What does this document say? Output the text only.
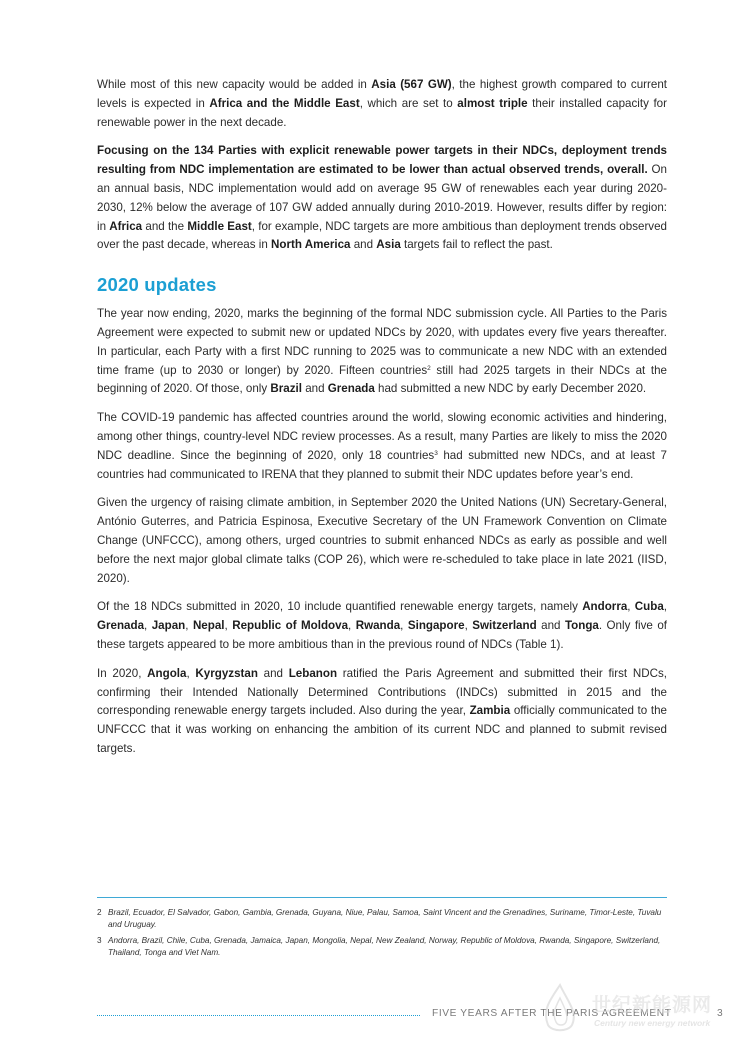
While most of this new capacity would be added in Asia (567 GW), the highest growth compared to current levels is expected in Africa and the Middle East, which are set to almost triple their installed capacity for renewable power in the next decade.

Focusing on the 134 Parties with explicit renewable power targets in their NDCs, deployment trends resulting from NDC implementation are estimated to be lower than actual observed trends, overall. On an annual basis, NDC implementation would add on average 95 GW of renewables each year during 2020-2030, 12% below the average of 107 GW added annually during 2010-2019. However, results differ by region: in Africa and the Middle East, for example, NDC targets are more ambitious than deployment trends observed over the past decade, whereas in North America and Asia targets fail to reflect the past.

2020 updates

The year now ending, 2020, marks the beginning of the formal NDC submission cycle. All Parties to the Paris Agreement were expected to submit new or updated NDCs by 2020, with updates every five years thereafter. In particular, each Party with a first NDC running to 2025 was to communicate a new NDC with an extended time frame (up to 2030 or longer) by 2020. Fifteen countries$^2$ still had 2025 targets in their NDCs at the beginning of 2020. Of those, only Brazil and Grenada had submitted a new NDC by early December 2020.

The COVID-19 pandemic has affected countries around the world, slowing economic activities and hindering, among other things, country-level NDC review processes. As a result, many Parties are likely to miss the 2020 NDC deadline. Since the beginning of 2020, only 18 countries$^3$ had submitted new NDCs, and at least 7 countries had communicated to IRENA that they planned to submit their NDC updates before year’s end.

Given the urgency of raising climate ambition, in September 2020 the United Nations (UN) Secretary-General, António Guterres, and Patricia Espinosa, Executive Secretary of the UN Framework Convention on Climate Change (UNFCCC), among others, urged countries to submit enhanced NDCs as early as possible and well before the next major global climate talks (COP 26), which were re-scheduled to take place in late 2021 (IISD, 2020).

Of the 18 NDCs submitted in 2020, 10 include quantified renewable energy targets, namely Andorra, Cuba, Grenada, Japan, Nepal, Republic of Moldova, Rwanda, Singapore, Switzerland and Tonga. Only five of these targets appeared to be more ambitious than in the previous round of NDCs (Table 1).

In 2020, Angola, Kyrgyzstan and Lebanon ratified the Paris Agreement and submitted their first NDCs, confirming their Intended Nationally Determined Contributions (INDCs) submitted in 2015 and the corresponding renewable energy targets included. Also during the year, Zambia officially communicated to the UNFCCC that it was working on enhancing the ambition of its current NDC and planned to submit revised targets.

2 Brazil, Ecuador, El Salvador, Gabon, Gambia, Grenada, Guyana, Niue, Palau, Samoa, Saint Vincent and the Grenadines, Suriname, Timor-Leste, Tuvalu and Uruguay.
3 Andorra, Brazil, Chile, Cuba, Grenada, Jamaica, Japan, Mongolia, Nepal, New Zealand, Norway, Republic of Moldova, Rwanda, Singapore, Switzerland, Thailand, Tonga and Viet Nam.
FIVE YEARS AFTER THE PARIS AGREEMENT	3
世纪新能源网
Century new energy network
